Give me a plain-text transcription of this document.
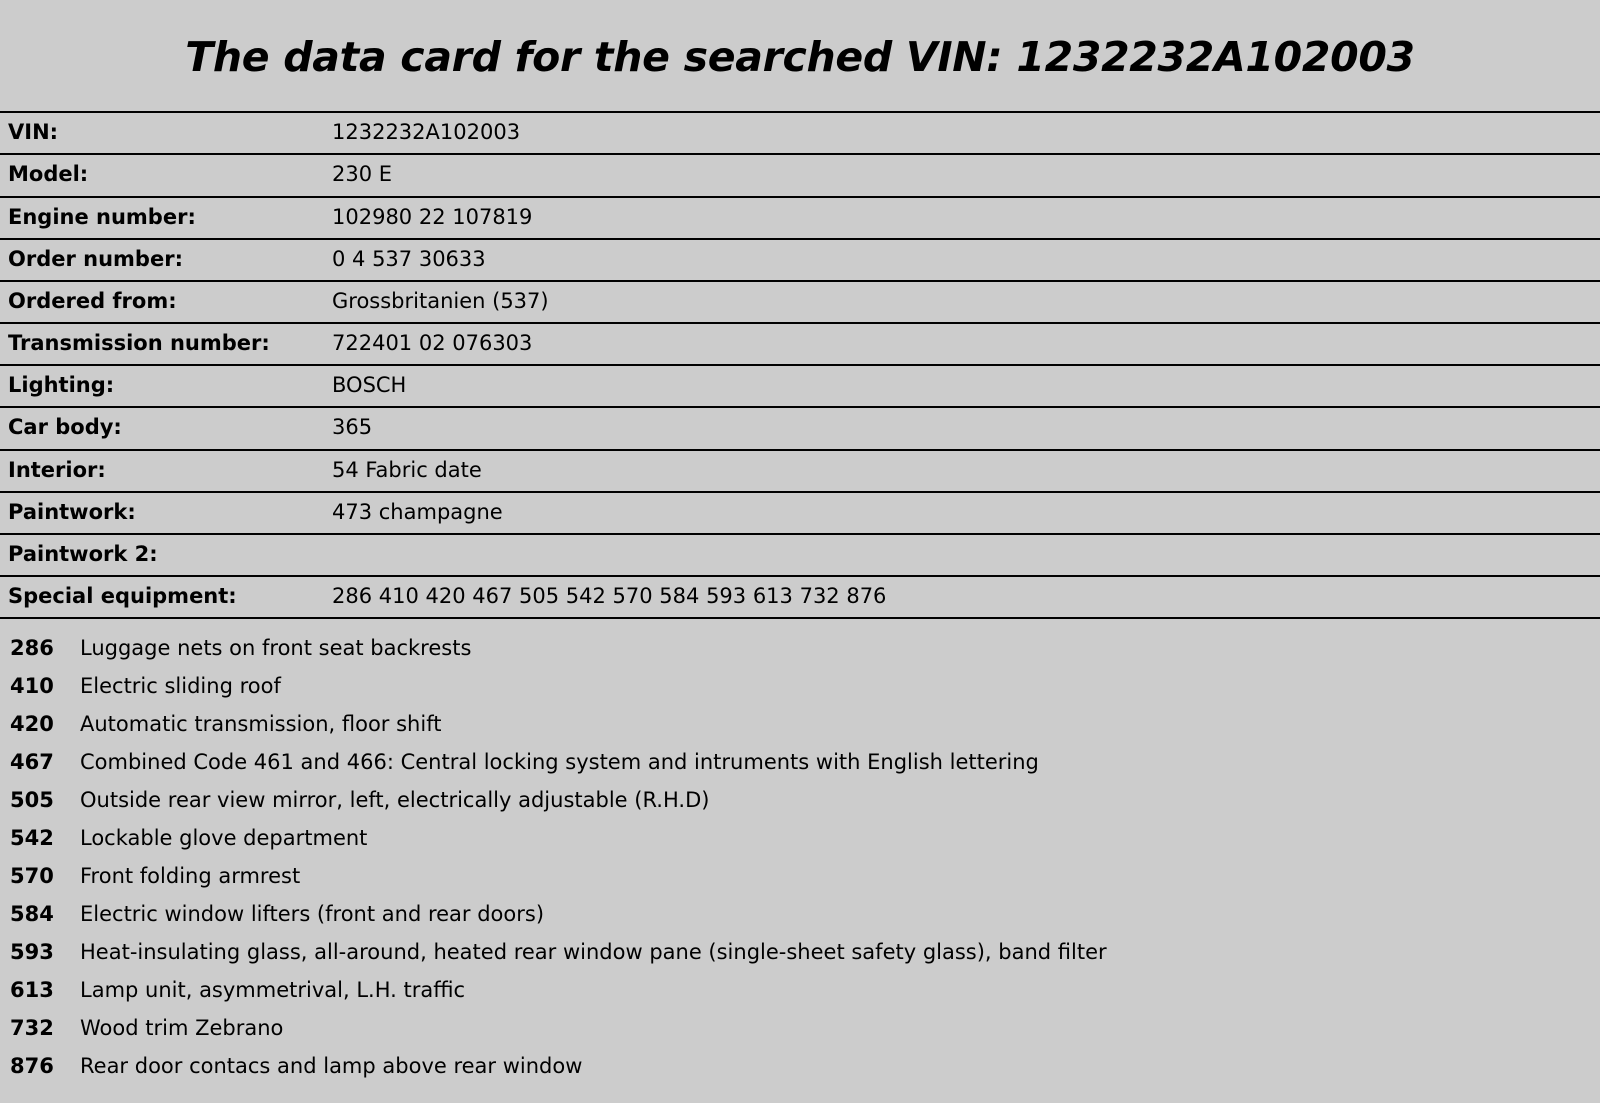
The data card for the searched VIN: 1232232A102003
VIN:	1232232A102003
Model:	230 E
Engine number:	102980 22 107819
Order number:	0 4 537 30633
Ordered from:	Grossbritanien (537)
Transmission number:	722401 02 076303
Lighting:	BOSCH
Car body:	365
Interior:	54 Fabric date
Paintwork:	473 champagne
Paintwork 2:	
Special equipment:	286 410 420 467 505 542 570 584 593 613 732 876
286	Luggage nets on front seat backrests
410	Electric sliding roof
420	Automatic transmission, floor shift
467	Combined Code 461 and 466: Central locking system and intruments with English lettering
505	Outside rear view mirror, left, electrically adjustable (R.H.D)
542	Lockable glove department
570	Front folding armrest
584	Electric window lifters (front and rear doors)
593	Heat-insulating glass, all-around, heated rear window pane (single-sheet safety glass), band filter
613	Lamp unit, asymmetrival, L.H. traffic
732	Wood trim Zebrano
876	Rear door contacs and lamp above rear window
